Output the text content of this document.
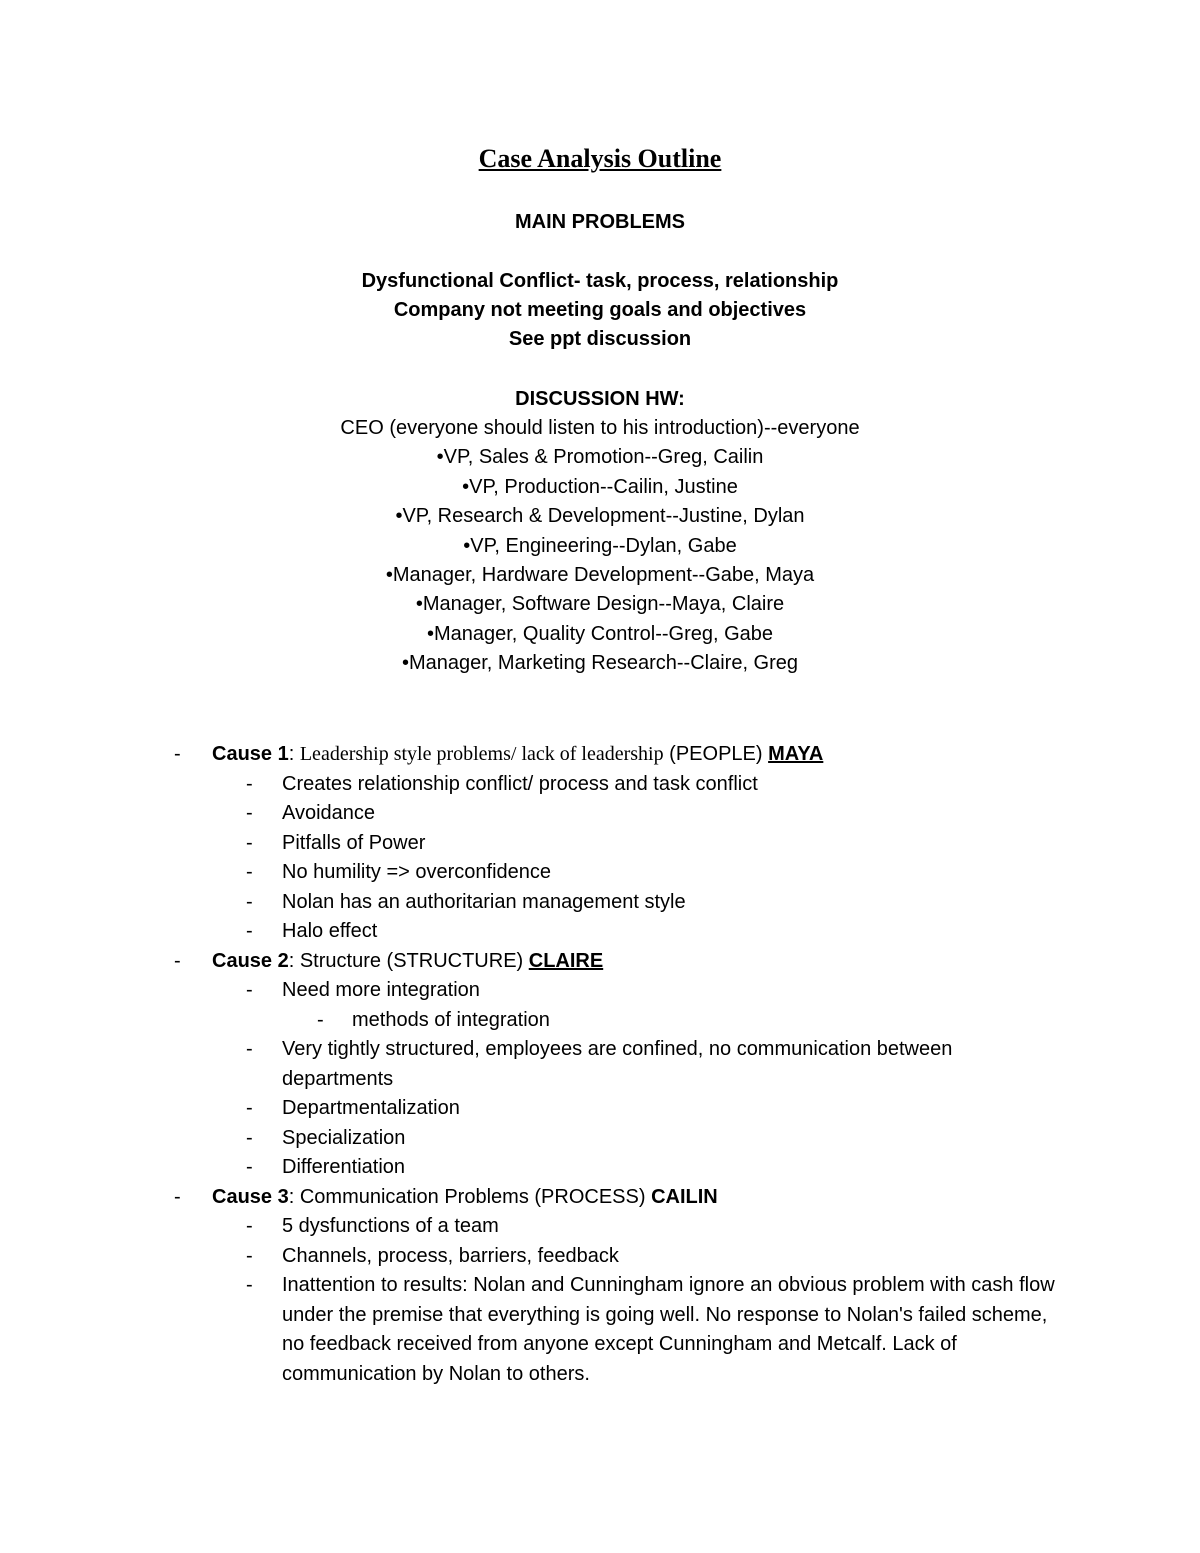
Case Analysis Outline
MAIN PROBLEMS
Dysfunctional Conflict- task, process, relationship
Company not meeting goals and objectives
See ppt discussion
DISCUSSION HW:
CEO (everyone should listen to his introduction)--everyone
•VP, Sales & Promotion--Greg, Cailin
•VP, Production--Cailin, Justine
•VP, Research & Development--Justine, Dylan
•VP, Engineering--Dylan, Gabe
•Manager, Hardware Development--Gabe, Maya
•Manager, Software Design--Maya, Claire
•Manager, Quality Control--Greg, Gabe
•Manager, Marketing Research--Claire, Greg
-	Cause 1: Leadership style problems/ lack of leadership (PEOPLE) MAYA
-	Creates relationship conflict/ process and task conflict
-	Avoidance
-	Pitfalls of Power
-	No humility => overconfidence
-	Nolan has an authoritarian management style
-	Halo effect
-	Cause 2: Structure (STRUCTURE) CLAIRE
-	Need more integration
-	methods of integration
-	Very tightly structured, employees are confined, no communication between departments
-	Departmentalization
-	Specialization
-	Differentiation
-	Cause 3: Communication Problems (PROCESS) CAILIN
-	5 dysfunctions of a team
-	Channels, process, barriers, feedback
-	Inattention to results: Nolan and Cunningham ignore an obvious problem with cash flow under the premise that everything is going well. No response to Nolan's failed scheme, no feedback received from anyone except Cunningham and Metcalf. Lack of communication by Nolan to others.
